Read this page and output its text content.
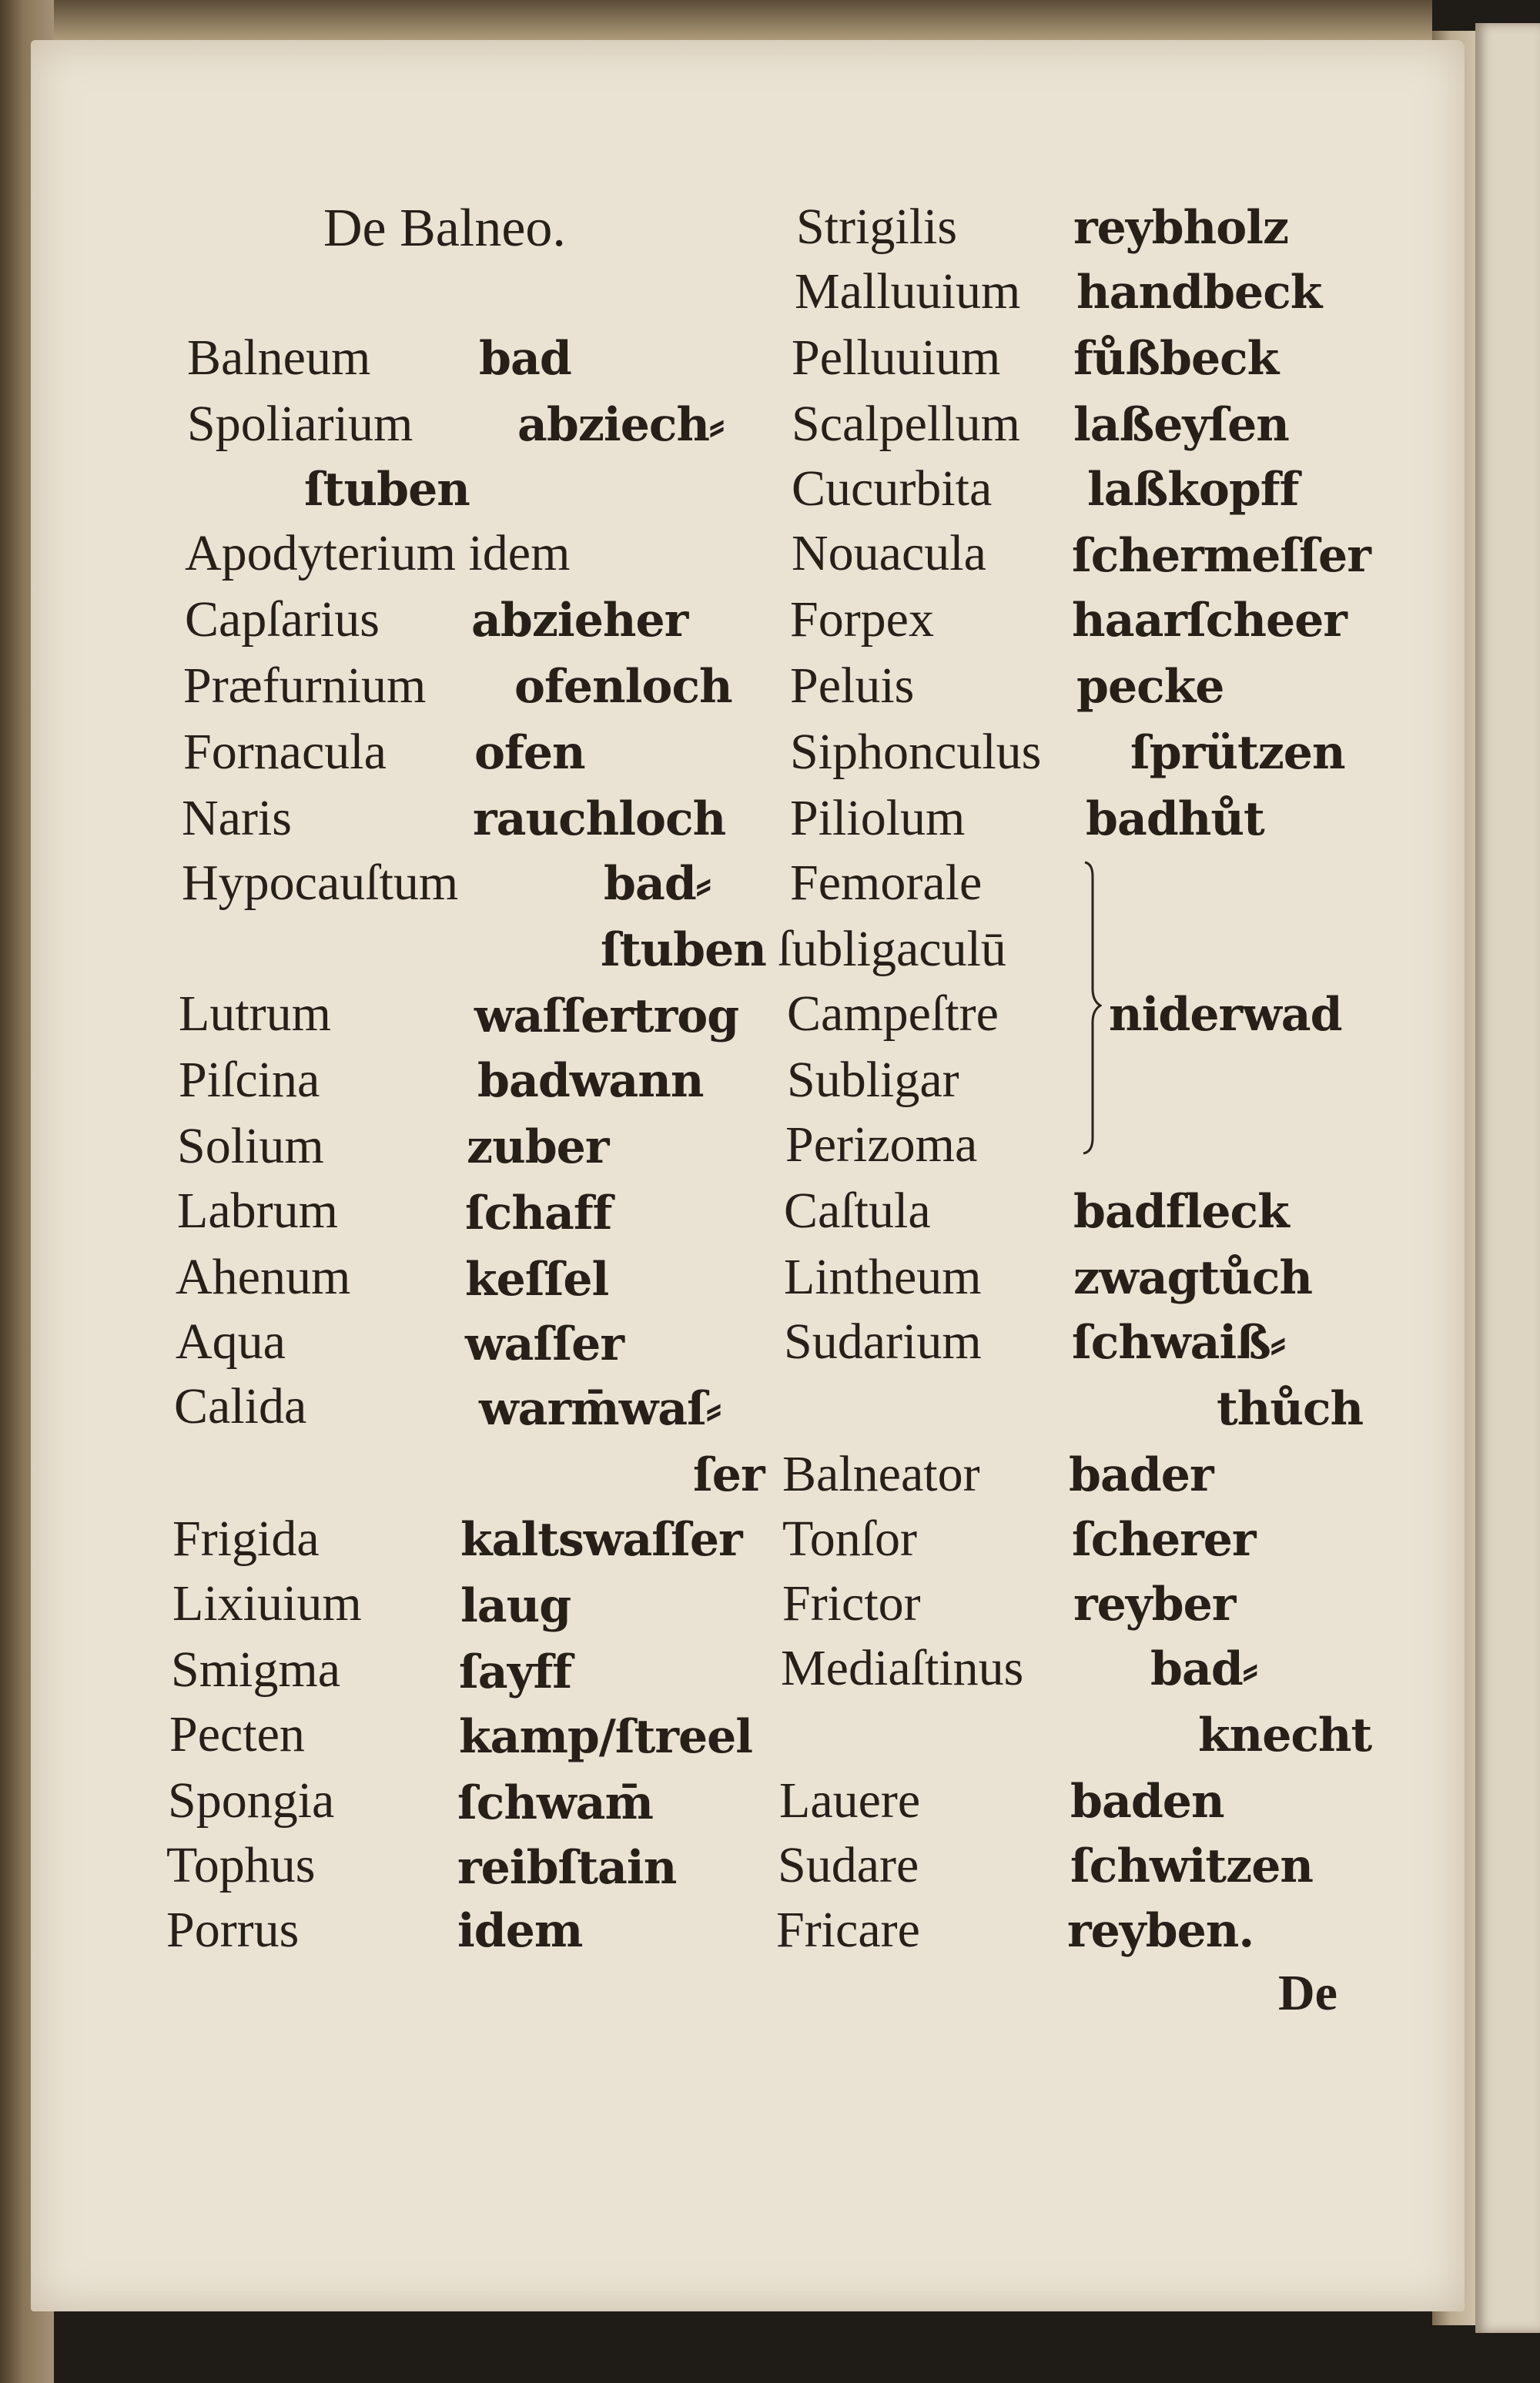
De Balneo.
Balneum bad
Spoliarium abziech⸗
ſtuben
Apodyterium idem
Capſarius abzieher
Præfurnium ofenloch
Fornacula ofen
Naris	rauchloch
Hypocauſtum	bad⸗
ſtuben
Lutrum	waſſertrog
Piſcina	badwann
Solium	zuber
Labrum	ſchaff
Ahenum keſſel
Aqua	waſſer
Calida	warm̄waſ⸗
ſer
Frigida	kaltswaſſer
Lixiuium laug
Smigma	ſayff
Pecten	kamp/ſtreel
Spongia	ſchwam̄
Tophus	reibſtain
Porrus	idem
Strigilis	reybholz
Malluuium handbeck
Pelluuium fůßbeck
Scalpellum laßeyſen
Cucurbita laßkopff
Nouacula ſchermeſſer
Forpex	haarſcheer
Peluis	pecke
Siphonculus ſprützen
Piliolum	badhůt
Femorale
ſubligaculū
Campeſtre niderwad
Subligar
Perizoma
Caſtula	badfleck
Lintheum zwagtůch
Sudarium ſchwaiß⸗
thůch
Balneator bader
Tonſor	ſcherer
Frictor	reyber
Mediaſtinus	bad⸗
knecht
Lauere	baden
Sudare	ſchwitzen
Fricare	reyben.
De
